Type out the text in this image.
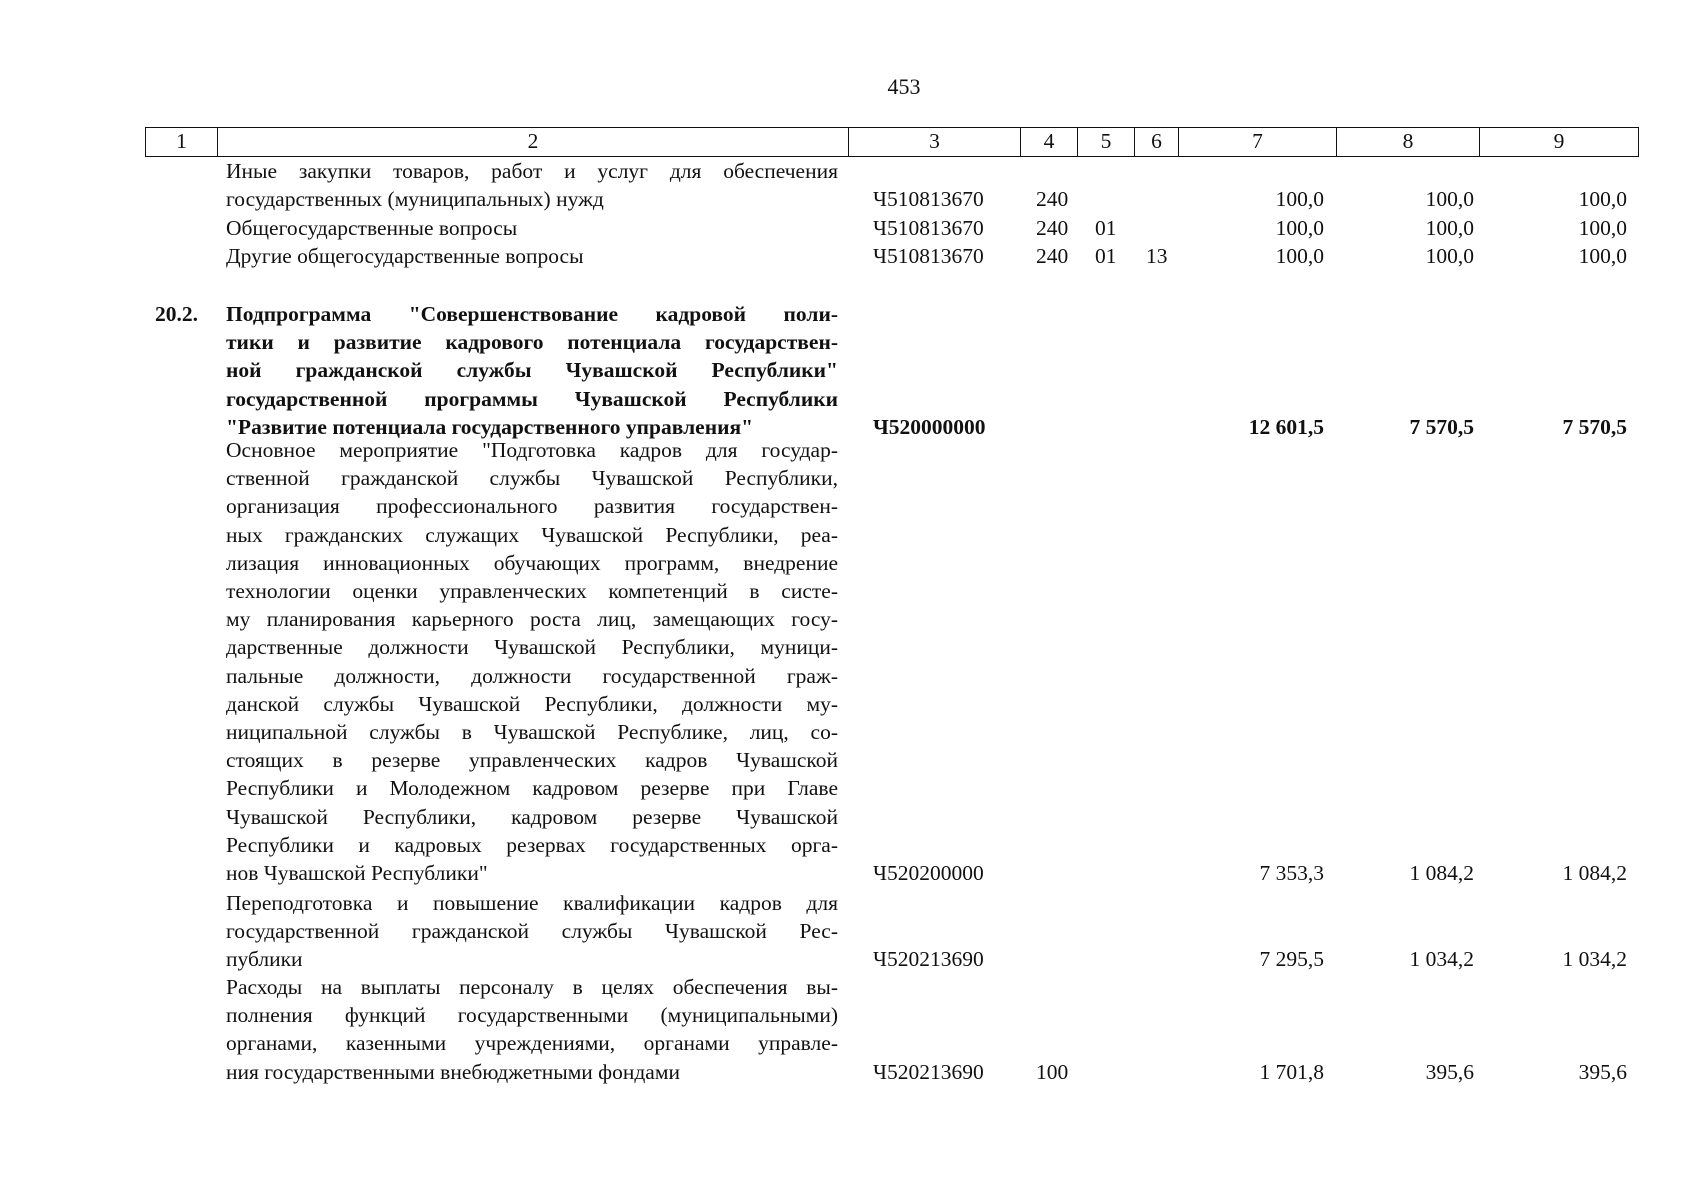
453
1	2	3	4	5	6	7	8	9
Иные закупки товаров, работ и услуг для обеспечения
государственных (муниципальных) нужд	Ч510813670 240	100,0	100,0	100,0
Общегосударственные вопросы	Ч510813670 240 01	100,0	100,0	100,0
Другие общегосударственные вопросы	Ч510813670 240 01 13	100,0	100,0	100,0
20.2. Подпрограмма "Совершенствование кадровой поли-
тики и развитие кадрового потенциала государствен-
ной гражданской службы Чувашской Республики"
государственной программы Чувашской Республики
"Развитие потенциала государственного управления"	Ч520000000	12 601,5	7 570,5	7 570,5
Основное мероприятие "Подготовка кадров для государ-
ственной гражданской службы Чувашской Республики,
организация профессионального развития государствен-
ных гражданских служащих Чувашской Республики, реа-
лизация инновационных обучающих программ, внедрение
технологии оценки управленческих компетенций в систе-
му планирования карьерного роста лиц, замещающих госу-
дарственные должности Чувашской Республики, муници-
пальные должности, должности государственной граж-
данской службы Чувашской Республики, должности му-
ниципальной службы в Чувашской Республике, лиц, со-
стоящих в резерве управленческих кадров Чувашской
Республики и Молодежном кадровом резерве при Главе
Чувашской Республики, кадровом резерве Чувашской
Республики и кадровых резервах государственных орга-
нов Чувашской Республики"	Ч520200000	7 353,3	1 084,2	1 084,2
Переподготовка и повышение квалификации кадров для
государственной гражданской службы Чувашской Рес-
публики	Ч520213690	7 295,5	1 034,2	1 034,2
Расходы на выплаты персоналу в целях обеспечения вы-
полнения функций государственными (муниципальными)
органами, казенными учреждениями, органами управле-
ния государственными внебюджетными фондами	Ч520213690 100	1 701,8	395,6	395,6
